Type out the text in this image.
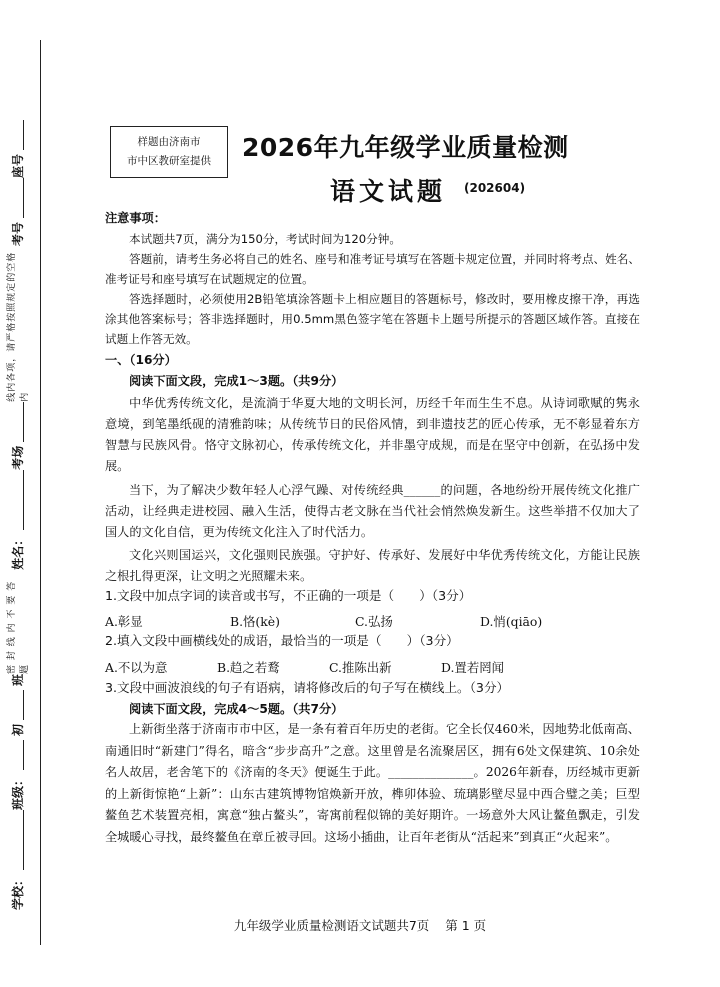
学校：
班级：
初
班
密 封 线 内 不 要 答 题
姓名：
考场
线内各项，请严格按照规定的空格内
考号
座号
样题由济南市
市中区教研室提供	2026年九年级学业质量检测
语文试题 (202604)
注意事项：
本试题共7页，满分为150分，考试时间为120分钟。
答题前，请考生务必将自己的姓名、座号和准考证号填写在答题卡规定位置，并同时将考点、姓名、准考证号和座号填写在试题规定的位置。
答选择题时，必须使用2B铅笔填涂答题卡上相应题目的答题标号，修改时，要用橡皮擦干净，再选涂其他答案标号；答非选择题时，用0.5mm黑色签字笔在答题卡上题号所提示的答题区域作答。直接在试题上作答无效。
一、（16分）
阅读下面文段，完成1～3题。（共9分）
中华优秀传统文化，是流淌于华夏大地的文明长河，历经千年而生生不息。从诗词歌赋的隽永意境，到笔墨纸砚的清雅韵味；从传统节日的民俗风情，到非遗技艺的匠心传承，无不彰显着东方智慧与民族风骨。恪守文脉初心，传承传统文化，并非墨守成规，而是在坚守中创新，在弘扬中发展。
当下，为了解决少数年轻人心浮气躁、对传统经典______的问题，各地纷纷开展传统文化推广活动，让经典走进校园、融入生活，使得古老文脉在当代社会悄然焕发新生。这些举措不仅加大了国人的文化自信，更为传统文化注入了时代活力。
文化兴则国运兴，文化强则民族强。守护好、传承好、发展好中华优秀传统文化，方能让民族之根扎得更深，让文明之光照耀未来。
1.文段中加点字词的读音或书写，不正确的一项是（　　）（3分）
A.彰显	B.恪(kè)	C.弘扬	D.悄(qiāo)
2.填入文段中画横线处的成语，最恰当的一项是（　　）（3分）
A.不以为意	B.趋之若鹜	C.推陈出新	D.置若罔闻
3.文段中画波浪线的句子有语病，请将修改后的句子写在横线上。（3分）
阅读下面文段，完成4～5题。（共7分）
上新街坐落于济南市市中区，是一条有着百年历史的老街。它全长仅460米，因地势北低南高、南通旧时“新建门”得名，暗含“步步高升”之意。这里曾是名流聚居区，拥有6处文保建筑、10余处名人故居，老舍笔下的《济南的冬天》便诞生于此。______________。2026年新春，历经城市更新的上新街惊艳“上新”：山东古建筑博物馆焕新开放，榫卯体验、琉璃影壁尽显中西合璧之美；巨型鳌鱼艺术装置亮相，寓意“独占鳌头”，寄寓前程似锦的美好期许。一场意外大风让鳌鱼飘走，引发全城暖心寻找，最终鳌鱼在章丘被寻回。这场小插曲，让百年老街从“活起来”到真正“火起来”。
九年级学业质量检测语文试题共7页 第 1 页
